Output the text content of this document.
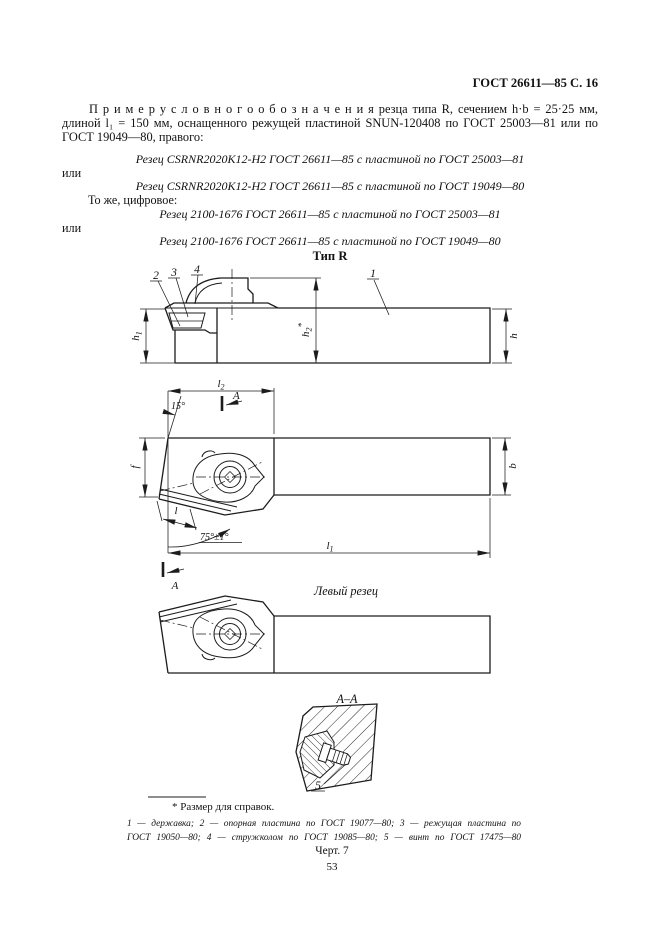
2 3 4	1
$h_1$	$h_2^*$
h
$l_2$
А
15°
f	b
l
75°±1°
$l_1$
А
5
ГОСТ 26611—85 С. 16
П р и м е р у с л о в н о г о о б о з н а ч е н и я резца типа R, сечением h·b = 25·25 мм,
длиной l₁ = 150 мм, оснащенного режущей пластиной SNUN-120408 по ГОСТ 25003—81 или по
ГОСТ 19049—80, правого:
Резец CSRNR2020K12-H2 ГОСТ 26611—85 с пластиной по ГОСТ 25003—81
или
Резец CSRNR2020K12-H2 ГОСТ 26611—85 с пластиной по ГОСТ 19049—80
То же, цифровое:
Резец 2100-1676 ГОСТ 26611—85 с пластиной по ГОСТ 25003—81
или
Резец 2100-1676 ГОСТ 26611—85 с пластиной по ГОСТ 19049—80
Тип R
Левый резец
А–А
* Размер для справок.
1 — державка; 2 — опорная пластина по ГОСТ 19077—80; 3 — режущая пластина по
ГОСТ 19050—80; 4 — стружколом по ГОСТ 19085—80; 5 — винт по ГОСТ 17475—80
Черт. 7
53
